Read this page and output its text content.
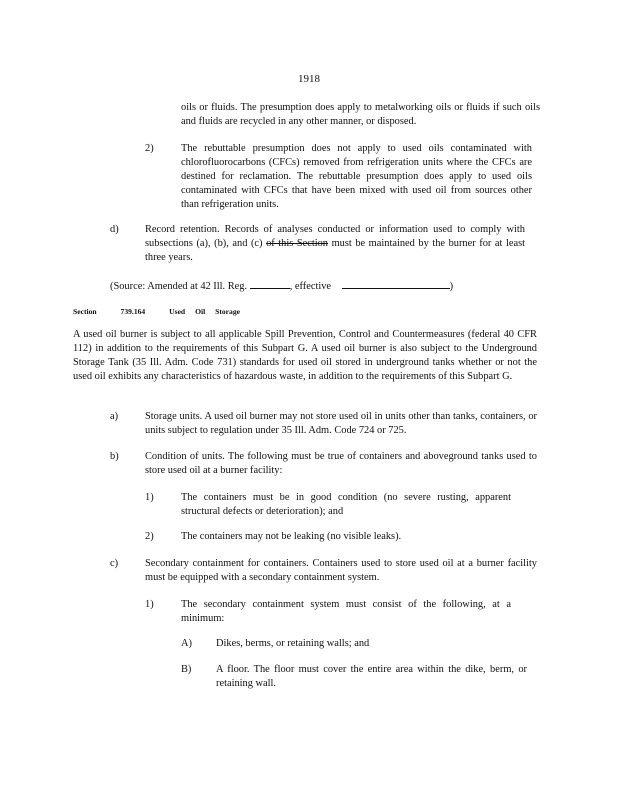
1918
oils or fluids. The presumption does apply to metalworking oils or fluids if such oils and fluids are recycled in any other manner, or disposed.
2)	The rebuttable presumption does not apply to used oils contaminated with chlorofluorocarbons (CFCs) removed from refrigeration units where the CFCs are destined for reclamation. The rebuttable presumption does apply to used oils contaminated with CFCs that have been mixed with used oil from sources other than refrigeration units.
d)	Record retention. Records of analyses conducted or information used to comply with subsections (a), (b), and (c) of this Section must be maintained by the burner for at least three years.
(Source: Amended at 42 Ill. Reg.	, effective	)
Section	739.164	Used Oil Storage
A used oil burner is subject to all applicable Spill Prevention, Control and Countermeasures (federal 40 CFR 112) in addition to the requirements of this Subpart G. A used oil burner is also subject to the Underground Storage Tank (35 Ill. Adm. Code 731) standards for used oil stored in underground tanks whether or not the used oil exhibits any characteristics of hazardous waste, in addition to the requirements of this Subpart G.
a)	Storage units. A used oil burner may not store used oil in units other than tanks, containers, or units subject to regulation under 35 Ill. Adm. Code 724 or 725.
b)	Condition of units. The following must be true of containers and aboveground tanks used to store used oil at a burner facility:
1)	The containers must be in good condition (no severe rusting, apparent structural defects or deterioration); and
2)	The containers may not be leaking (no visible leaks).
c)	Secondary containment for containers. Containers used to store used oil at a burner facility must be equipped with a secondary containment system.
1)	The secondary containment system must consist of the following, at a minimum:
A) Dikes, berms, or retaining walls; and
B) A floor. The floor must cover the entire area within the dike, berm, or retaining wall.
